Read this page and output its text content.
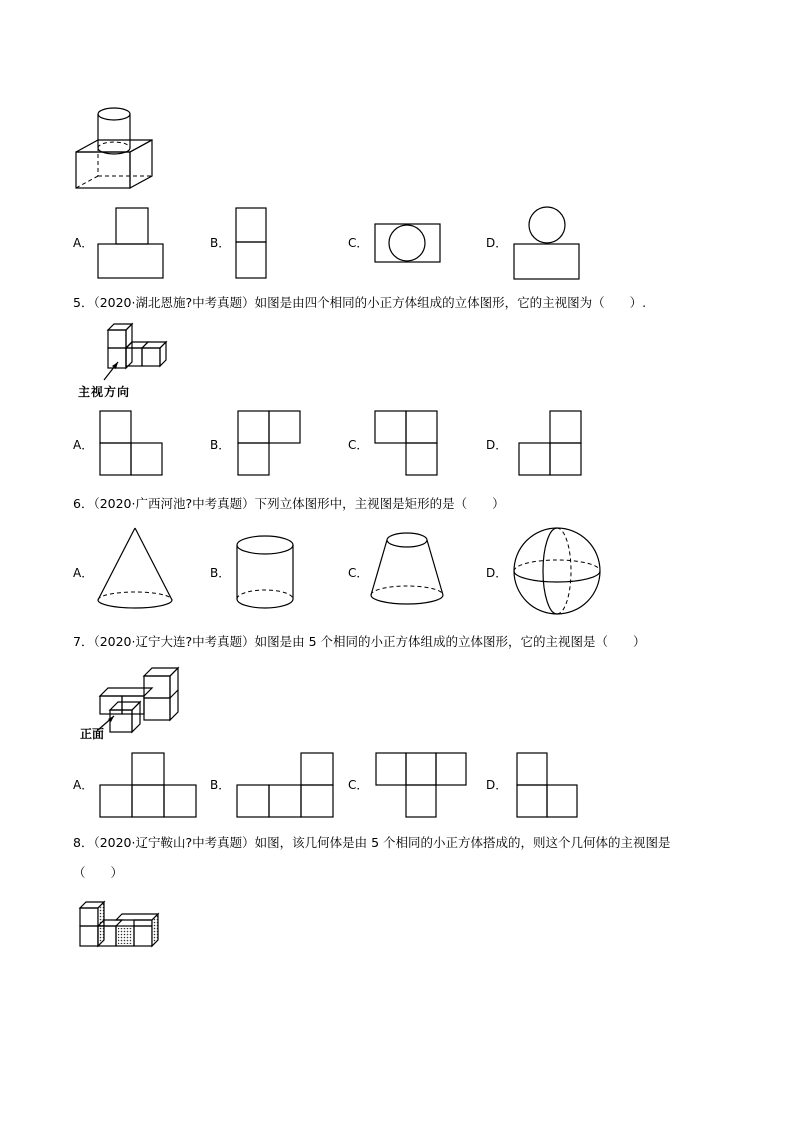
A．	B．	C．	D．
5．（2020·湖北恩施?中考真题）如图是由四个相同的小正方体组成的立体图形，它的主视图为（　　）.
主视方向
A．	B．	C．	D．
6．（2020·广西河池?中考真题）下列立体图形中，主视图是矩形的是（　　）
A．	B．	C．	D．
7．（2020·辽宁大连?中考真题）如图是由 5 个相同的小正方体组成的立体图形，它的主视图是（　　）
正面
A．	B．	C．	D．
8．（2020·辽宁鞍山?中考真题）如图，该几何体是由 5 个相同的小正方体搭成的，则这个几何体的主视图是
（　　）
